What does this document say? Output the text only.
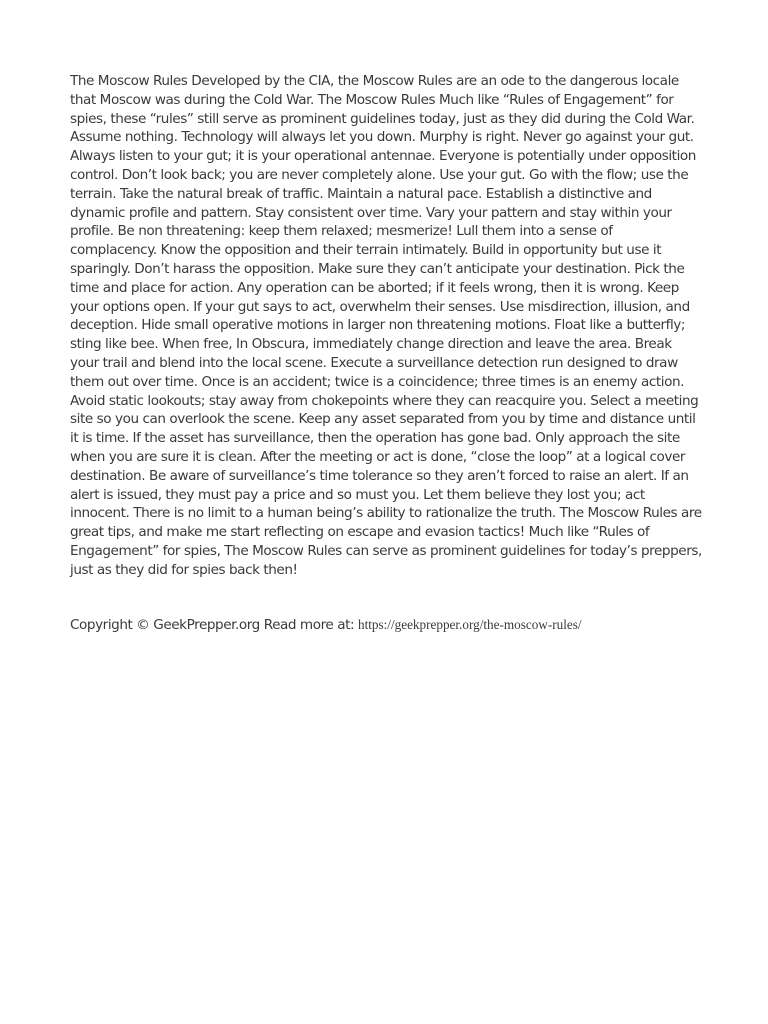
The Moscow Rules Developed by the CIA, the Moscow Rules are an ode to the dangerous locale that Moscow was during the Cold War. The Moscow Rules Much like “Rules of Engagement” for spies, these “rules” still serve as prominent guidelines today, just as they did during the Cold War. Assume nothing. Technology will always let you down. Murphy is right. Never go against your gut. Always listen to your gut; it is your operational antennae. Everyone is potentially under opposition control. Don’t look back; you are never completely alone. Use your gut. Go with the flow; use the terrain. Take the natural break of traffic. Maintain a natural pace. Establish a distinctive and dynamic profile and pattern. Stay consistent over time. Vary your pattern and stay within your profile. Be non threatening: keep them relaxed; mesmerize! Lull them into a sense of complacency. Know the opposition and their terrain intimately. Build in opportunity but use it sparingly. Don’t harass the opposition. Make sure they can’t anticipate your destination. Pick the time and place for action. Any operation can be aborted; if it feels wrong, then it is wrong. Keep your options open. If your gut says to act, overwhelm their senses. Use misdirection, illusion, and deception. Hide small operative motions in larger non threatening motions. Float like a butterfly; sting like bee. When free, In Obscura, immediately change direction and leave the area. Break your trail and blend into the local scene. Execute a surveillance detection run designed to draw them out over time. Once is an accident; twice is a coincidence; three times is an enemy action. Avoid static lookouts; stay away from chokepoints where they can reacquire you. Select a meeting site so you can overlook the scene. Keep any asset separated from you by time and distance until it is time. If the asset has surveillance, then the operation has gone bad. Only approach the site when you are sure it is clean. After the meeting or act is done, “close the loop” at a logical cover destination. Be aware of surveillance’s time tolerance so they aren’t forced to raise an alert. If an alert is issued, they must pay a price and so must you. Let them believe they lost you; act innocent. There is no limit to a human being’s ability to rationalize the truth. The Moscow Rules are great tips, and make me start reflecting on escape and evasion tactics! Much like “Rules of Engagement” for spies, The Moscow Rules can serve as prominent guidelines for today’s preppers, just as they did for spies back then!

Copyright © GeekPrepper.org Read more at: https://geekprepper.org/the-moscow-rules/
